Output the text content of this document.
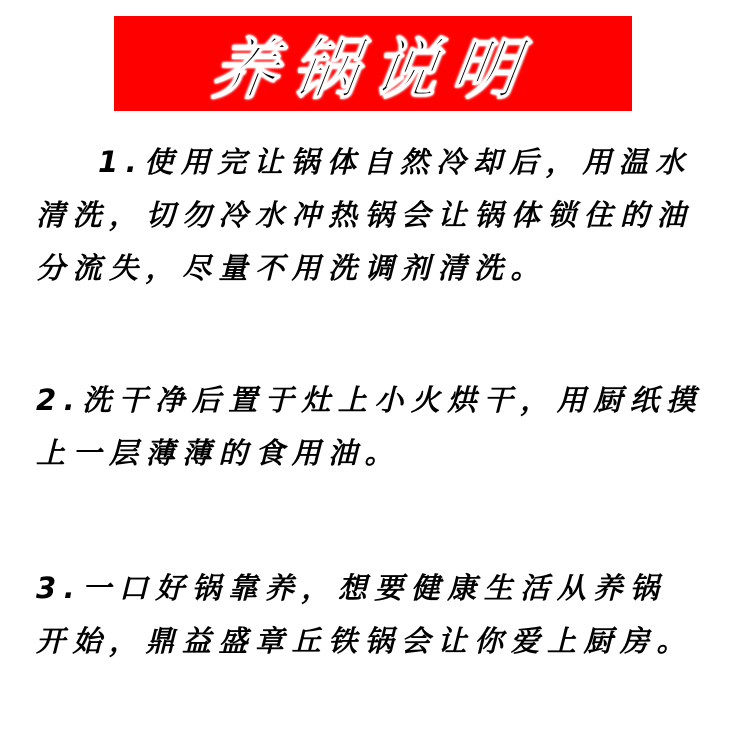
养锅说明

1.使用完让锅体自然冷却后，用温水

清洗，切勿冷水冲热锅会让锅体锁住的油

分流失，尽量不用洗调剂清洗。

2.洗干净后置于灶上小火烘干，用厨纸摸

上一层薄薄的食用油。

3.一口好锅靠养，想要健康生活从养锅

开始，鼎益盛章丘铁锅会让你爱上厨房。
